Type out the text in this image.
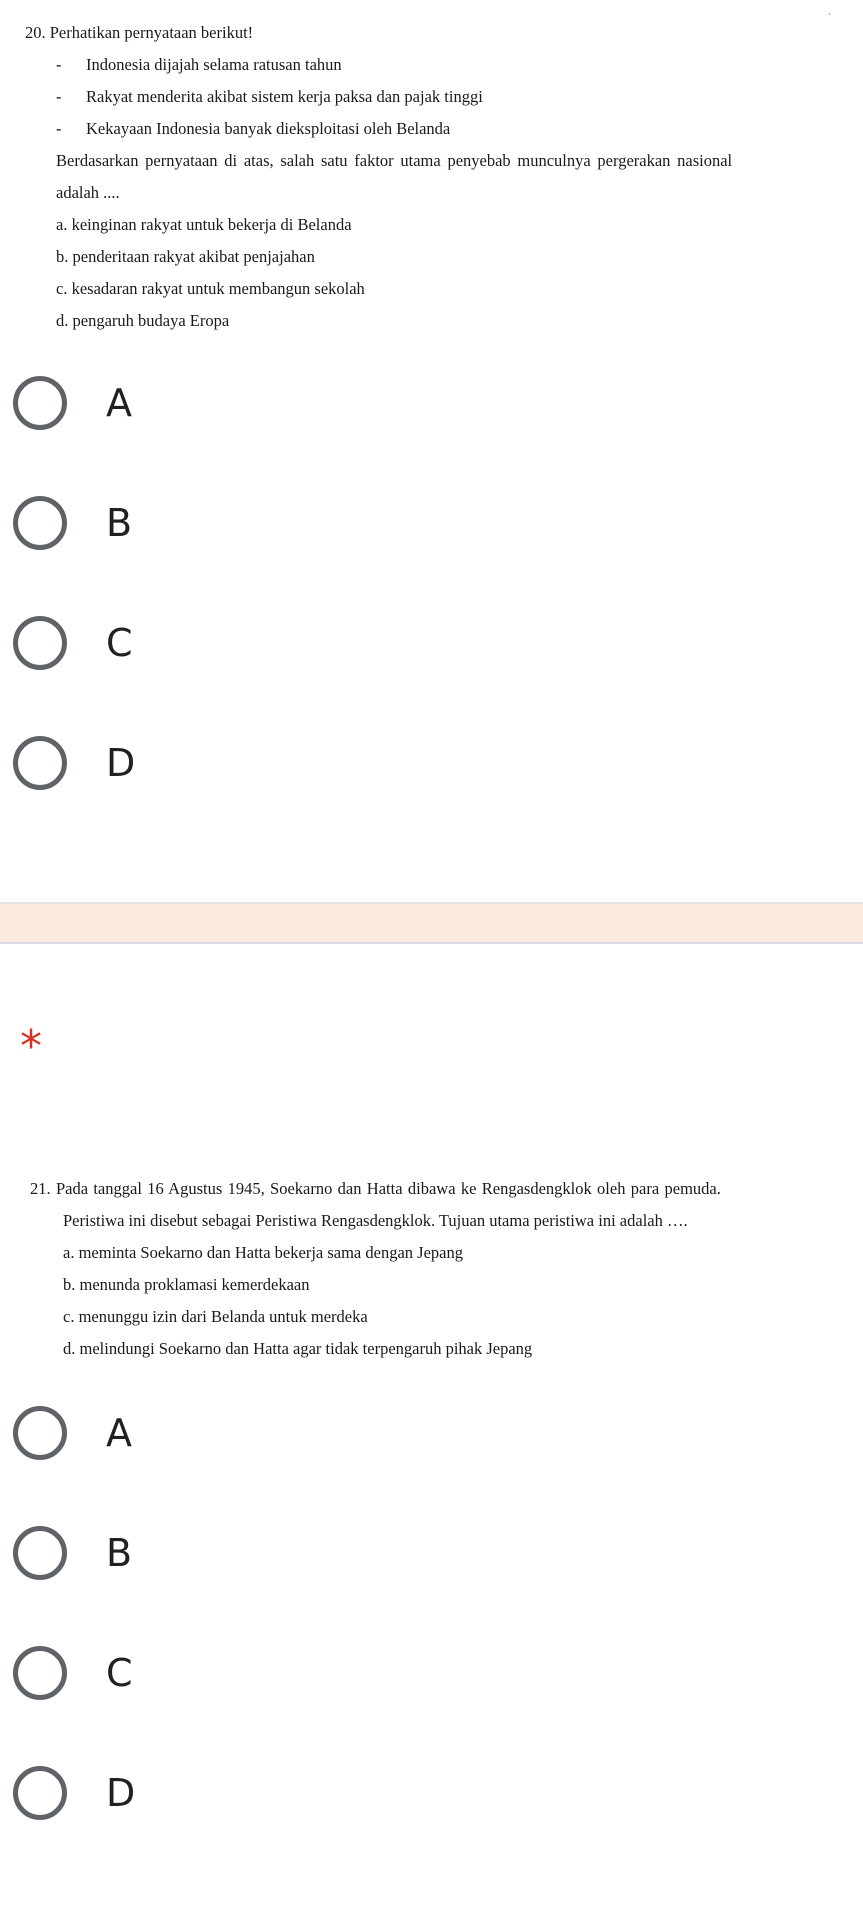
ˎ
20. Perhatikan pernyataan berikut!
- Indonesia dijajah selama ratusan tahun
- Rakyat menderita akibat sistem kerja paksa dan pajak tinggi
- Kekayaan Indonesia banyak dieksploitasi oleh Belanda
Berdasarkan pernyataan di atas, salah satu faktor utama penyebab munculnya pergerakan nasional
adalah ....
a. keinginan rakyat untuk bekerja di Belanda
b. penderitaan rakyat akibat penjajahan
c. kesadaran rakyat untuk membangun sekolah
d. pengaruh budaya Eropa
A
B
C
D
*
21. Pada tanggal 16 Agustus 1945, Soekarno dan Hatta dibawa ke Rengasdengklok oleh para pemuda.
Peristiwa ini disebut sebagai Peristiwa Rengasdengklok. Tujuan utama peristiwa ini adalah ….
a. meminta Soekarno dan Hatta bekerja sama dengan Jepang
b. menunda proklamasi kemerdekaan
c. menunggu izin dari Belanda untuk merdeka
d. melindungi Soekarno dan Hatta agar tidak terpengaruh pihak Jepang
A
B
C
D
